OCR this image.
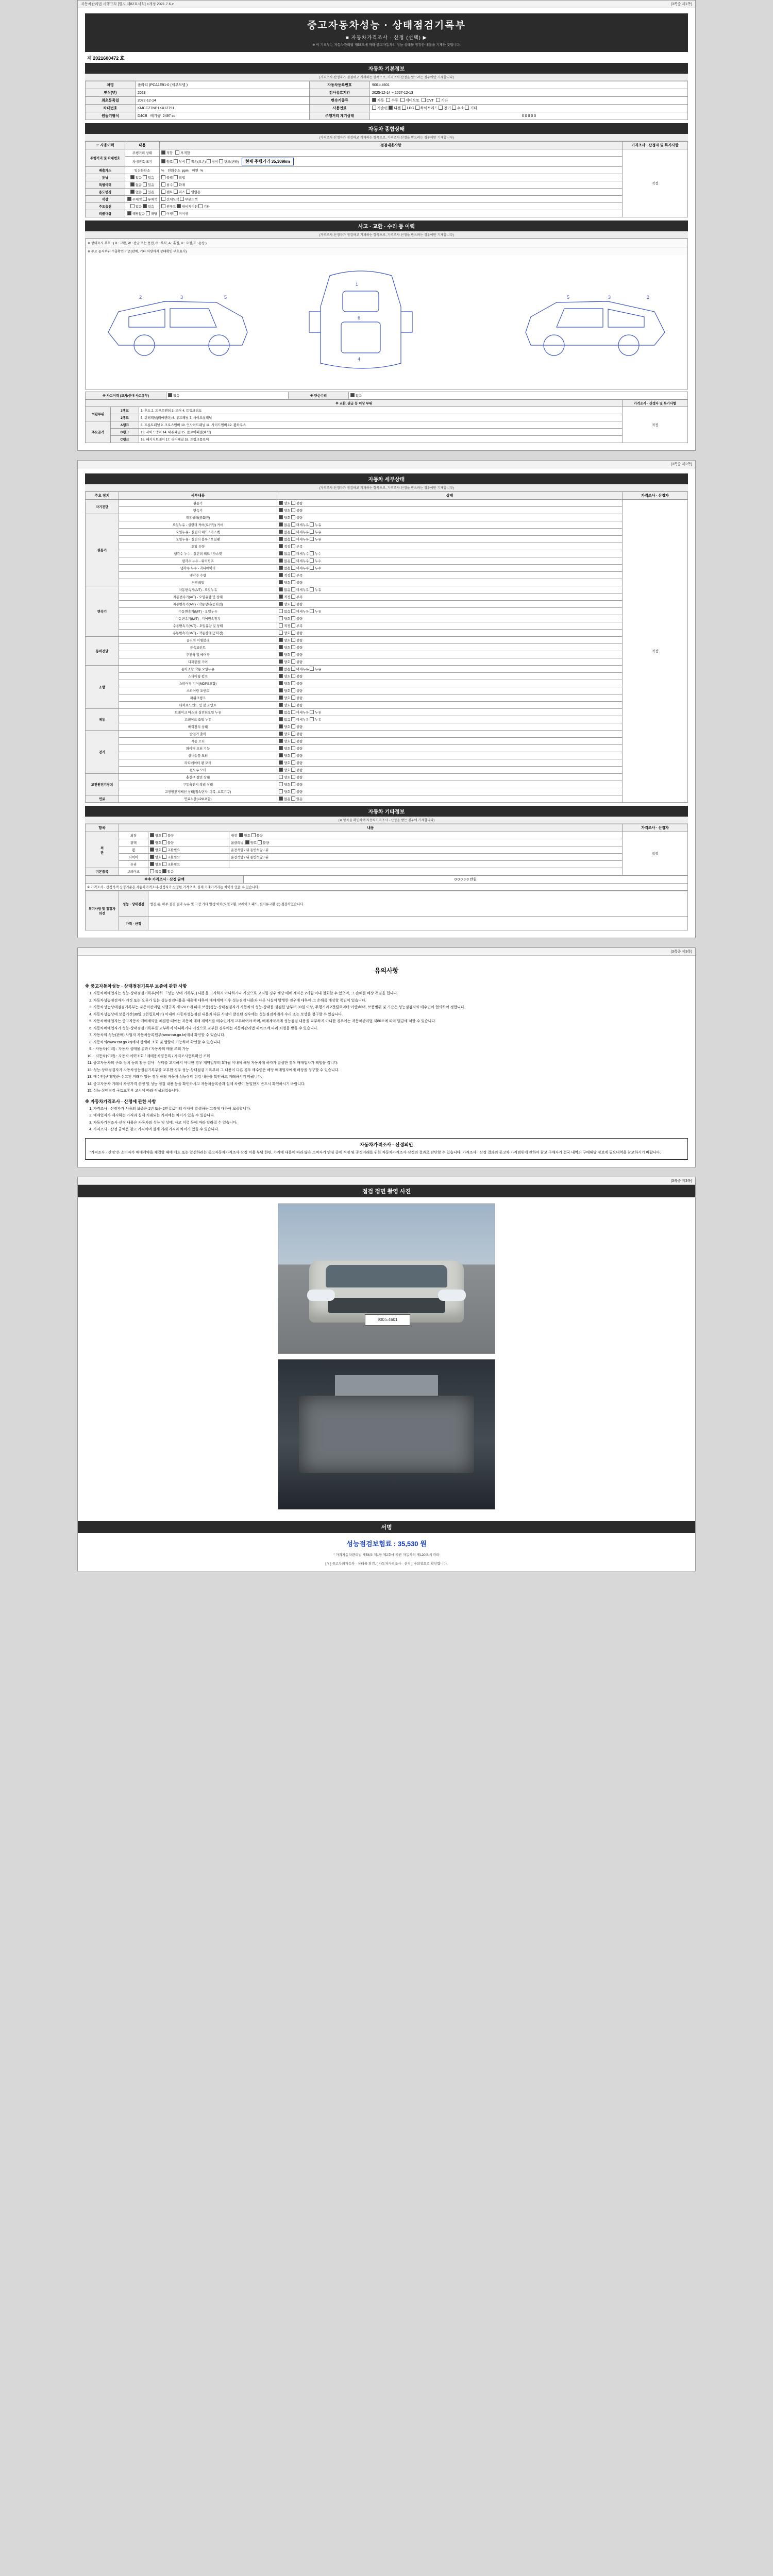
자동차관리법 시행규칙 [별지 제82호서식] <개정 2021.7.6.>	(3쪽중 제1쪽)
중고자동차성능 · 상태점검기록부
■ 자동차가격조사 · 산정 (선택) ▶
※ 이 기록부는 자동차관리법 제58조에 따라 중고자동차의 성능·상태를 점검한 내용을 기재한 것입니다.
제 2021600472 호
자동차 기본정보
(가격조사·산정자가 점검하고 기재하는 항목으로, 가격조사·산정을 받으려는 경우에만 기재합니다)
차명	쏠라티 (PCA1E91-0 (세부모델 )	자동차등록번호	900노4601
연식(년)	2023	검사유효기간	2025-12-14 ~ 2027-12-13
최초등록일	2022-12-14	변속기종류	자동 수동 세미오토 CVT 기타
차대번호	KMCCZ7NP1KX12791	사용연료	가솔린 디젤 LPG 하이브리드 전기 수소 기타
원동기형식	D4CB 배기량 2497 cc	주행거리 계기상태	0 0 0 0 0
자동차 종합상태
(가격조사·산정자가 점검하고 기재하는 항목으로, 가격조사·산정을 받으려는 경우에만 기재합니다)
☞ 사용이력	내용	점검내용사항	가격조사 · 산정자 및 특기사항
주행거리 및 차대번호	주행거리 상태	적합 부적합	적정
	차대번호 표기	양호 부식 훼손(오손) 상이 변조(변타) 현재 주행거리 35,309km	
배출가스	일산화탄소	% 탄화수소 ppm 매연 %	
튜닝	없음 있음	불법 적법	
특별이력	없음 있음	침수 화재	
용도변경	없음 있음	렌트 리스 영업용	
색상	무채색 유채색	전체도색 부분도색	
주요옵션	없음 있음	썬루프 내비게이션 기타	
리콜대상	해당없음 해당	이행 미이행	
사고 · 교환 · 수리 등 이력
(가격조사·산정자가 점검하고 기재하는 항목으로, 가격조사·산정을 받으려는 경우에만 기재합니다)
※ 상태표시 부호 : ( X : 교환, W : 판금 또는 용접, C : 부식, A : 흠집, U : 요철, T : 손상 )
※ 주요 골격부위 수출확인 기준(판매, 기타 차량까지 상태확인 부호표시)
2	3	5
1
6
4
5	3	2
※ 사고이력 (교차/중대 사고유무)	없음	※ 단순수리	없음
※ 교환, 판금 등 이상 부위			가격조사 · 산정자 및 특기사항
외판부위	1랭크	1. 후드 2. 프론트펜더 3. 도어 4. 트렁크리드	적정
	2랭크	5. 쿼터패널(리어펜더) 6. 루프패널 7. 사이드실패널	
주요골격	A랭크	8. 프론트패널 9. 크로스멤버 10. 인사이드패널 11. 사이드멤버 12. 휠하우스	
	B랭크	13. 사이드멤버 14. 대쉬패널 15. 플로어패널(바닥)	
	C랭크	16. 패키지트레이 17. 리어패널 18. 트렁크플로어	

(3쪽중 제2쪽)
자동차 세부상태
(가격조사·산정자가 점검하고 기재하는 항목으로, 가격조사·산정을 받으려는 경우에만 기재합니다)
주요 장치	세부내용	상태	가격조사 · 산정자
자기진단	원동기	양호 불량	적정
	변속기	양호 불량	
원동기	작동상태(공회전)	양호 불량	
	오일누유 - 실린더 커버(로커암) 커버	없음 미세누유 누유	
	오일누유 - 실린더 헤드 / 가스켓	없음 미세누유 누유	
	오일누유 - 실린더 블록 / 오일팬	없음 미세누유 누유	
	오일 유량	적정 부족	
	냉각수 누수 - 실린더 헤드 / 가스켓	없음 미세누수 누수	
	냉각수 누수 - 워터펌프	없음 미세누수 누수	
	냉각수 누수 - 라디에이터	없음 미세누수 누수	
	냉각수 수량	적정 부족	
	커먼레일	양호 불량	
변속기	자동변속기(A/T) - 오일누유	없음 미세누유 누유	
	자동변속기(A/T) - 오일유량 및 상태	적정 부족	
	자동변속기(A/T) - 작동상태(공회전)	양호 불량	
	수동변속기(M/T) - 오일누유	없음 미세누유 누유	
	수동변속기(M/T) - 기어변속장치	양호 불량	
	수동변속기(M/T) - 오일유량 및 상태	적정 부족	
	수동변속기(M/T) - 작동상태(공회전)	양호 불량	
동력전달	클러치 어셈블리	양호 불량	
	등속죠인트	양호 불량	
	추진축 및 베어링	양호 불량	
	디퍼렌셜 기어	양호 불량	
조향	동력조향 작동 오일누유	없음 미세누유 누유	
	스티어링 펌프	양호 불량	
	스티어링 기어(MDPS포함)	양호 불량	
	스티어링 조인트	양호 불량	
	파워크랭크	양호 불량	
	타이로드엔드 및 볼 조인트	양호 불량	
제동	브레이크 마스터 실린더오일 누유	없음 미세누유 누유	
	브레이크 오일 누유	없음 미세누유 누유	
	배력장치 상태	양호 불량	
전기	발전기 출력	양호 불량	
	시동 모터	양호 불량	
	와이퍼 모터 기능	양호 불량	
	실내송풍 모터	양호 불량	
	라디에이터 팬 모터	양호 불량	
	윈도우 모터	양호 불량	
고전원전기장치	충전구 절연 상태	양호 불량	
	구동축전지 격리 상태	양호 불량	
	고전원전기배선 상태(접속단자, 피복, 보호기구)	양호 불량	
연료	연료누출(LPG포함)	없음 있음	
자동차 기타정보
(※ 항목을 확인하여 자동차가격조사 · 산정을 받는 경우에 기재합니다)
항목	내용			가격조사 · 산정자
외
관	외장	양호 불량	내장 양호 불량	적정
	광택	양호 불량	룸클리닝 양호 불량	
	휠	양호 교환필요	운전석앞 / 뒤 동반석앞 / 뒤	
	타이어	양호 교환필요	운전석앞 / 뒤 동반석앞 / 뒤	
	유리	양호 교환필요		
기본품목	브레이크	없음 있음		
※※ 가격조사 · 산정 금액	0 0 0 0 0 만원
※ 가격조사 · 산정가격 산정기준은 자동차가격조사·산정자가 산정한 가격으로, 실제 거래가격과는 차이가 있을 수 있습니다.
특기사항 및 점검자의견	성능 · 상태점검	엔진 룸, 하부 점검 결과 누유 및 고장 기타 발생 이력(오일교환, 브레이크 패드, 필터류교환 등) 점검하였습니다.
	가격 · 산정	

(3쪽중 제3쪽)
유의사항
※ 중고자동차성능 · 상태점검기록부 보증에 관한 사항
1. 자동차매매업자는 성능·상태점검기록부(이하 「성능·상태 기록부」) 내용을 고지하지 아니하거나 거짓으로 고지될 경우 해당 매매 계약은 2개월 이내 철회할 수 있으며, 그 손해를 배상 책임을 집니다.
2. 자동차성능점검자가 거짓 또는 오류가 있는 성능점검내용을 내용에 대하여 매매계약 이후 성능점검 내용과 다른 사실이 발생한 경우에 대하여 그 손해를 배상할 책임이 있습니다.
3. 자동차성능상태점검기록부는 자동차관리법 시행규칙 제120조에 따라 보증(성능·상태점검자가 자동차의 성능·상태를 점검한 날부터 30일 이상, 주행거리 2천킬로미터 이상)하며, 보증범위 및 기간은 성능점검자와 매수인이 협의하여 정합니다.
4. 자동차성능상태 보증기간(30일, 2천킬로미터) 이내에 자동차성능점검 내용과 다른 사실이 발견된 경우에는 성능점검자에게 수리 또는 보상을 청구할 수 있습니다.
5. 자동차매매업자는 중고자동차 매매계약을 체결한 때에는 자동차 매매 계약서를 매수인에게 교부하여야 하며, 매매계약서에 성능점검 내용을 교부하지 아니한 경우에는 자동차관리법 제80조에 따라 벌금에 처할 수 있습니다.
6. 자동차매매업자가 성능·상태점검기록부를 교부하지 아니하거나 거짓으로 교부한 경우에는 자동차관리법 제79조에 따라 처벌을 받을 수 있습니다.
7. 자동차의 성능(판매) 사업자 자동차등록원부(www.car.go.kr)에서 확인할 수 있습니다.
8. 자동차의(www.car.go.kr)에서 상세히 조회 및 열람이 가능하며 확인할 수 있습니다.
9. - 자동차(이력) : 자동차 실매물 결과 / 자동차의 매물 조회 가능
10. - 자동차(이력) : 자동차 이력조회 / 매매용차량등록 / 가격조사등록확인 조회
11. 중고자동차의 구조·장치 등의 활용 검사 · 상태를 고지하지 아니한 경우 계약일부터 3개월 이내에 해당 자동차에 하자가 발생한 경우 매매업자가 책임을 집니다.
12. 성능·상태점검자가 자동차성능점검기록부를 교부한 경우 성능·상태점검 기록부와 그 내용이 다른 경우 매수인은 해당 매매업자에게 배상을 청구할 수 있습니다.
13. 매수인(구매자)은 신고된 거래가 있는 경우 해당 자동차 성능상태 점검 내용을 확인하고 거래하시기 바랍니다.
14. 중고자동차 거래시 차량가격 산정 및 성능 점검 내용 등을 확인하시고 자동차등록증과 실제 차량이 동일한지 반드시 확인하시기 바랍니다.
15. 성능·상태점검 국토교통부 고시에 따라 작성되었습니다.
※ 자동차가격조사 · 산정에 관한 사항
1. 가격조사 · 산정자가 사용의 보증은 1년 또는 2만킬로미터 이내에 발생하는 고장에 대하여 보증합니다.
2. 매매업자가 제시하는 가격과 실제 거래되는 가격에는 차이가 있을 수 있습니다.
3. 자동차가격조사·산정 내용은 자동차의 성능 및 상태, 사고 이력 등에 따라 달라질 수 있습니다.
4. 가격조사 · 산정 금액은 참고 가격이며 실제 거래 가격과 차이가 있을 수 있습니다.
자동차가격조사 · 산정의안
"가격조사 · 산정"은 소비자가 매매계약을 체결할 때에 매도 또는 알선하려는 중고자동차가격조사·산정 비용 부담 한편, 가격에 내용에 따라 많은 소비자가 안심 중에 적정 및 공정거래를 위한 자동차가격조사·산정의 결과로 판단할 수 있습니다. 가격조사 · 산정 결과의 중고차 가격범위에 관하여 참고 구매자가 결국 내역의 구매해당 정보에 필요내역을 참고하시기 바랍니다.

(3쪽중 제3쪽)
점검 정면 촬영 사진
900노4601
서명
성능점검보험료 : 35,530 원
" 가격자동차관리법 제58조 제1항 제2호에 따른 자동차의 제120조에 따라
[ Y ] 중고차의자동차 · 상태를 점검, [ 자동차가격조사 · 산정 ] 바랍창으로 확인합니다.
